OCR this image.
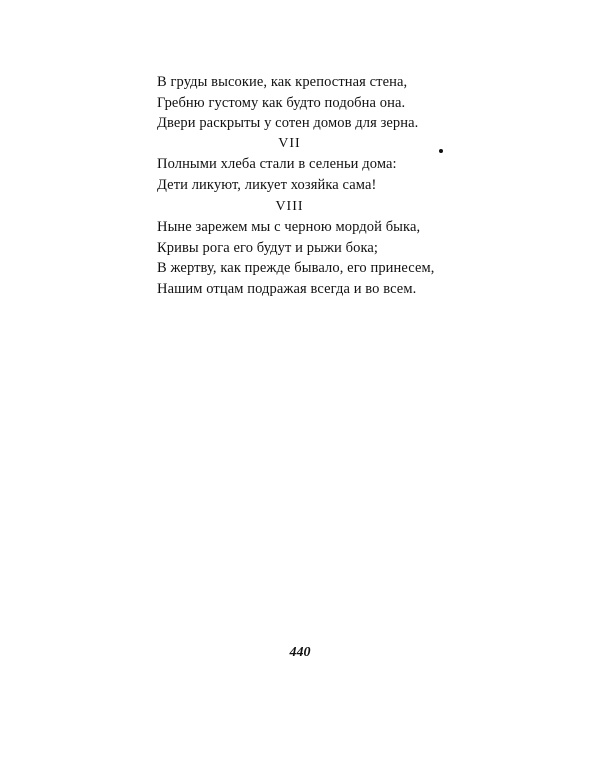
В груды высокие, как крепостная стена,
Гребню густому как будто подобна она.
Двери раскрыты у сотен домов для зерна.
VII
Полными хлеба стали в селеньи дома:
Дети ликуют, ликует хозяйка сама!
VIII
Ныне зарежем мы с черною мордой быка,
Кривы рога его будут и рыжи бока;
В жертву, как прежде бывало, его принесем,
Нашим отцам подражая всегда и во всем.
440
